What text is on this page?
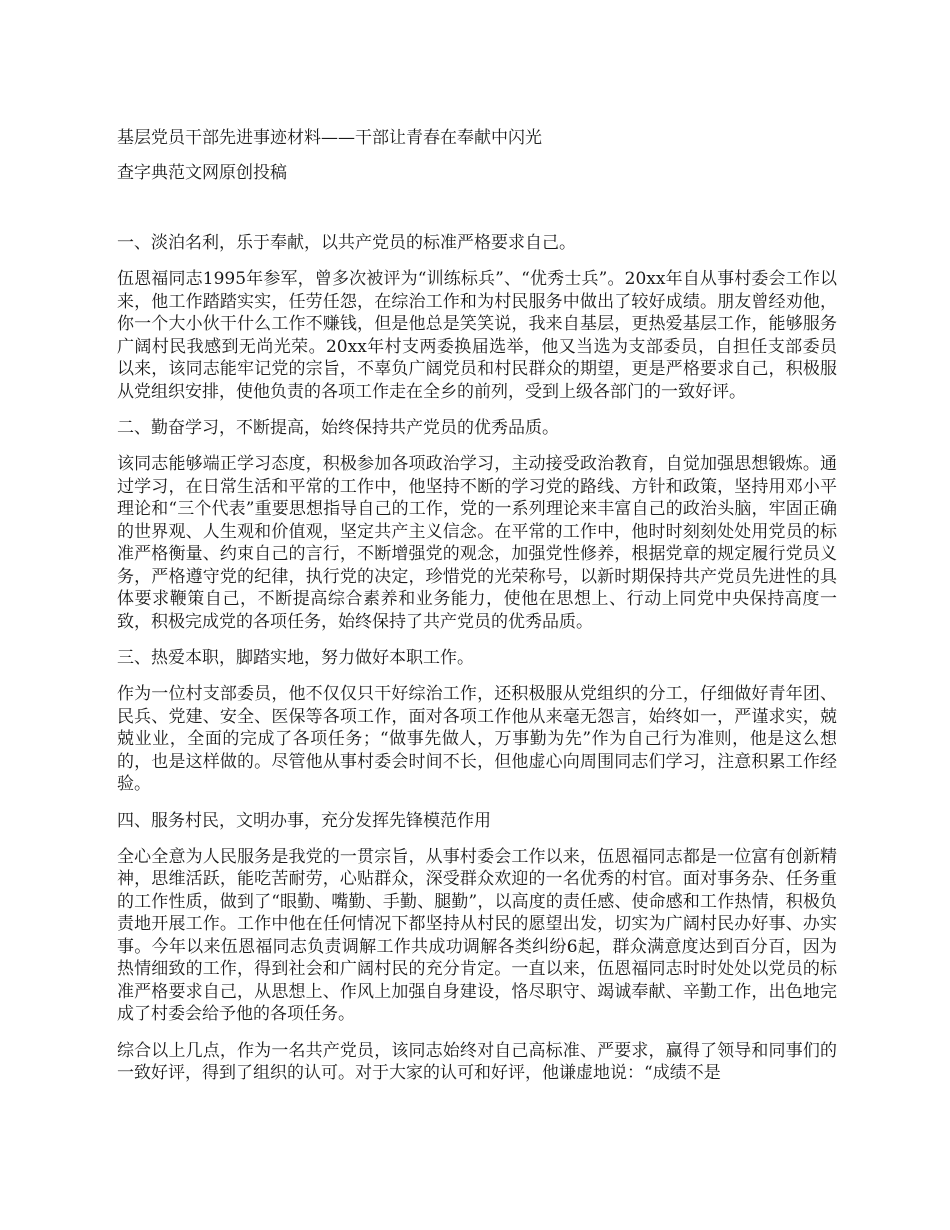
基层党员干部先进事迹材料——干部让青春在奉献中闪光

查字典范文网原创投稿

一、淡泊名利，乐于奉献，以共产党员的标准严格要求自己。

伍恩福同志1995年参军，曾多次被评为“训练标兵”、“优秀士兵”。20xx年自从事村委会工作以来，他工作踏踏实实，任劳任怨，在综治工作和为村民服务中做出了较好成绩。朋友曾经劝他，你一个大小伙干什么工作不赚钱，但是他总是笑笑说，我来自基层，更热爱基层工作，能够服务广阔村民我感到无尚光荣。20xx年村支两委换届选举，他又当选为支部委员，自担任支部委员以来，该同志能牢记党的宗旨，不辜负广阔党员和村民群众的期望，更是严格要求自己，积极服从党组织安排，使他负责的各项工作走在全乡的前列，受到上级各部门的一致好评。

二、勤奋学习，不断提高，始终保持共产党员的优秀品质。

该同志能够端正学习态度，积极参加各项政治学习，主动接受政治教育，自觉加强思想锻炼。通过学习，在日常生活和平常的工作中，他坚持不断的学习党的路线、方针和政策，坚持用邓小平理论和“三个代表”重要思想指导自己的工作，党的一系列理论来丰富自己的政治头脑，牢固正确的世界观、人生观和价值观，坚定共产主义信念。在平常的工作中，他时时刻刻处处用党员的标准严格衡量、约束自己的言行，不断增强党的观念，加强党性修养，根据党章的规定履行党员义务，严格遵守党的纪律，执行党的决定，珍惜党的光荣称号，以新时期保持共产党员先进性的具体要求鞭策自己，不断提高综合素养和业务能力，使他在思想上、行动上同党中央保持高度一致，积极完成党的各项任务，始终保持了共产党员的优秀品质。

三、热爱本职，脚踏实地，努力做好本职工作。

作为一位村支部委员，他不仅仅只干好综治工作，还积极服从党组织的分工，仔细做好青年团、民兵、党建、安全、医保等各项工作，面对各项工作他从来毫无怨言，始终如一，严谨求实，兢兢业业，全面的完成了各项任务；“做事先做人，万事勤为先”作为自己行为准则，他是这么想的，也是这样做的。尽管他从事村委会时间不长，但他虚心向周围同志们学习，注意积累工作经验。

四、服务村民，文明办事，充分发挥先锋模范作用

全心全意为人民服务是我党的一贯宗旨，从事村委会工作以来，伍恩福同志都是一位富有创新精神，思维活跃，能吃苦耐劳，心贴群众，深受群众欢迎的一名优秀的村官。面对事务杂、任务重的工作性质，做到了“眼勤、嘴勤、手勤、腿勤”，以高度的责任感、使命感和工作热情，积极负责地开展工作。工作中他在任何情况下都坚持从村民的愿望出发，切实为广阔村民办好事、办实事。今年以来伍恩福同志负责调解工作共成功调解各类纠纷6起，群众满意度达到百分百，因为热情细致的工作，得到社会和广阔村民的充分肯定。一直以来，伍恩福同志时时处处以党员的标准严格要求自己，从思想上、作风上加强自身建设，恪尽职守、竭诚奉献、辛勤工作，出色地完成了村委会给予他的各项任务。

综合以上几点，作为一名共产党员，该同志始终对自己高标准、严要求，赢得了领导和同事们的一致好评，得到了组织的认可。对于大家的认可和好评，他谦虚地说：“成绩不是
